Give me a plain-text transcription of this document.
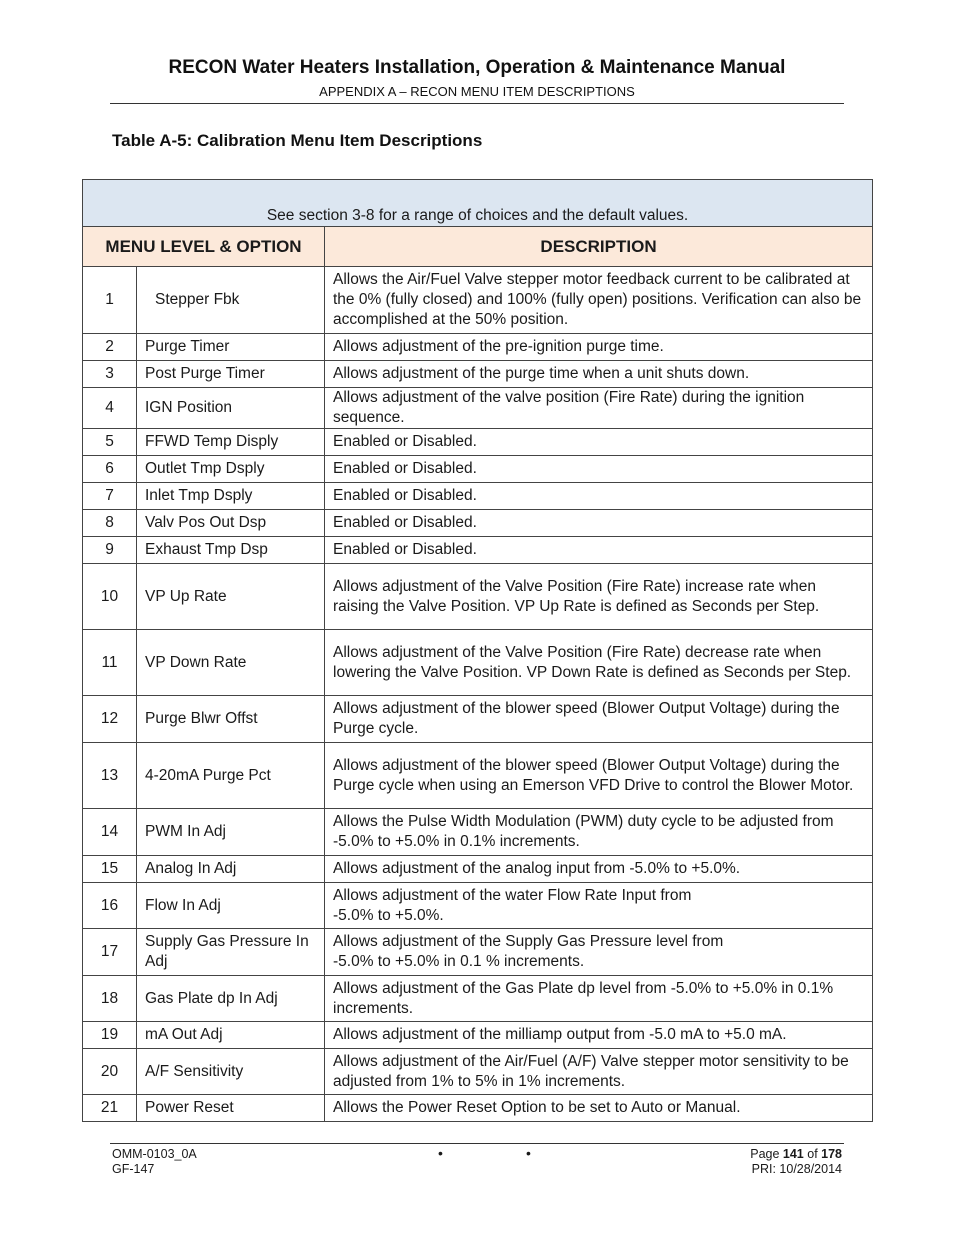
RECON Water Heaters Installation, Operation & Maintenance Manual
APPENDIX A – RECON MENU ITEM DESCRIPTIONS
Table A-5: Calibration Menu Item Descriptions
See section 3-8 for a range of choices and the default values.		
MENU LEVEL & OPTION		DESCRIPTION
1	Stepper Fbk	Allows the Air/Fuel Valve stepper motor feedback current to be calibrated at the 0% (fully closed) and 100% (fully open) positions. Verification can also be accomplished at the 50% position.
2	Purge Timer	Allows adjustment of the pre-ignition purge time.
3	Post Purge Timer	Allows adjustment of the purge time when a unit shuts down.
4	IGN Position	Allows adjustment of the valve position (Fire Rate) during the ignition sequence.
5	FFWD Temp Disply	Enabled or Disabled.
6	Outlet Tmp Dsply	Enabled or Disabled.
7	Inlet Tmp Dsply	Enabled or Disabled.
8	Valv Pos Out Dsp	Enabled or Disabled.
9	Exhaust Tmp Dsp	Enabled or Disabled.
10	VP Up Rate	Allows adjustment of the Valve Position (Fire Rate) increase rate when raising the Valve Position. VP Up Rate is defined as Seconds per Step.
11	VP Down Rate	Allows adjustment of the Valve Position (Fire Rate) decrease rate when lowering the Valve Position. VP Down Rate is defined as Seconds per Step.
12	Purge Blwr Offst	Allows adjustment of the blower speed (Blower Output Voltage) during the Purge cycle.
13	4-20mA Purge Pct	Allows adjustment of the blower speed (Blower Output Voltage) during the Purge cycle when using an Emerson VFD Drive to control the Blower Motor.
14	PWM In Adj	Allows the Pulse Width Modulation (PWM) duty cycle to be adjusted from -5.0% to +5.0% in 0.1% increments.
15	Analog In Adj	Allows adjustment of the analog input from -5.0% to +5.0%.
16	Flow In Adj	Allows adjustment of the water Flow Rate Input from
-5.0% to +5.0%.
17	Supply Gas Pressure In Adj	Allows adjustment of the Supply Gas Pressure level from
-5.0% to +5.0% in 0.1 % increments.
18	Gas Plate dp In Adj	Allows adjustment of the Gas Plate dp level from -5.0% to +5.0% in 0.1% increments.
19	mA Out Adj	Allows adjustment of the milliamp output from -5.0 mA to +5.0 mA.
20	A/F Sensitivity	Allows adjustment of the Air/Fuel (A/F) Valve stepper motor sensitivity to be adjusted from 1% to 5% in 1% increments.
21	Power Reset	Allows the Power Reset Option to be set to Auto or Manual.
OMM-0103_0A
GF-147
•	•	Page 141 of 178
PRI: 10/28/2014
